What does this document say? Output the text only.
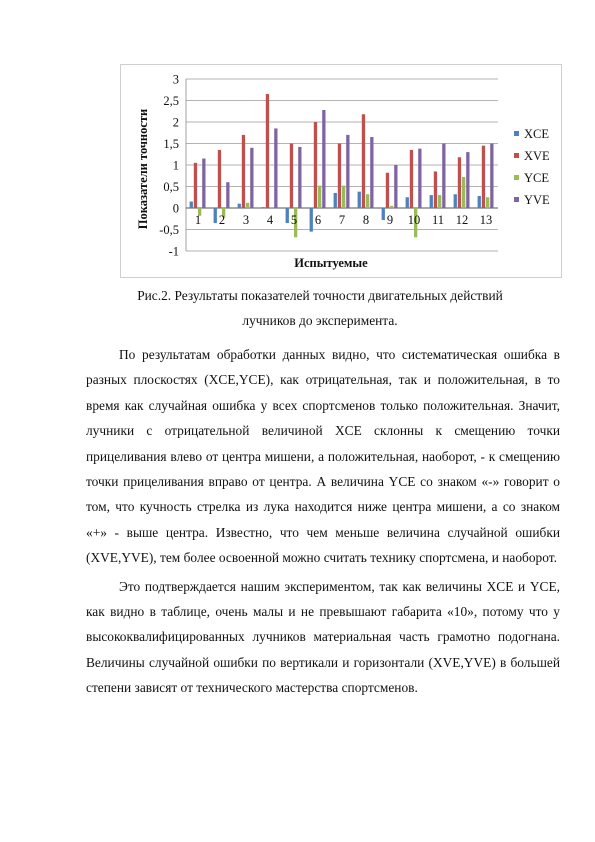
3
2,5
2
1,5
1
0,5
0
-0,5
-1
1 2 3 4 5 6 7 8 9 10 11 12 13
Показатели точности
Испытуемые
XCE
XVE
YCE
YVE
Рис.2. Результаты показателей точности двигательных действий
лучников до эксперимента.

По результатам обработки данных видно, что систематическая ошибка в разных плоскостях (XCE,YCE), как отрицательная, так и положительная, в то время как случайная ошибка у всех спортсменов только положительная. Значит, лучники с отрицательной величиной XCE склонны к смещению точки прицеливания влево от центра мишени, а положительная, наоборот, - к смещению точки прицеливания вправо от центра. А величина YCE со знаком «-» говорит о том, что кучность стрелка из лука находится ниже центра мишени, а со знаком «+» - выше центра. Известно, что чем меньше величина случайной ошибки (XVE,YVE), тем более освоенной можно считать технику спортсмена, и наоборот.

Это подтверждается нашим экспериментом, так как величины XCE и YCE, как видно в таблице, очень малы и не превышают габарита «10», потому что у высококвалифицированных лучников материальная часть грамотно подогнана. Величины случайной ошибки по вертикали и горизонтали (XVE,YVE) в большей степени зависят от технического мастерства спортсменов.
